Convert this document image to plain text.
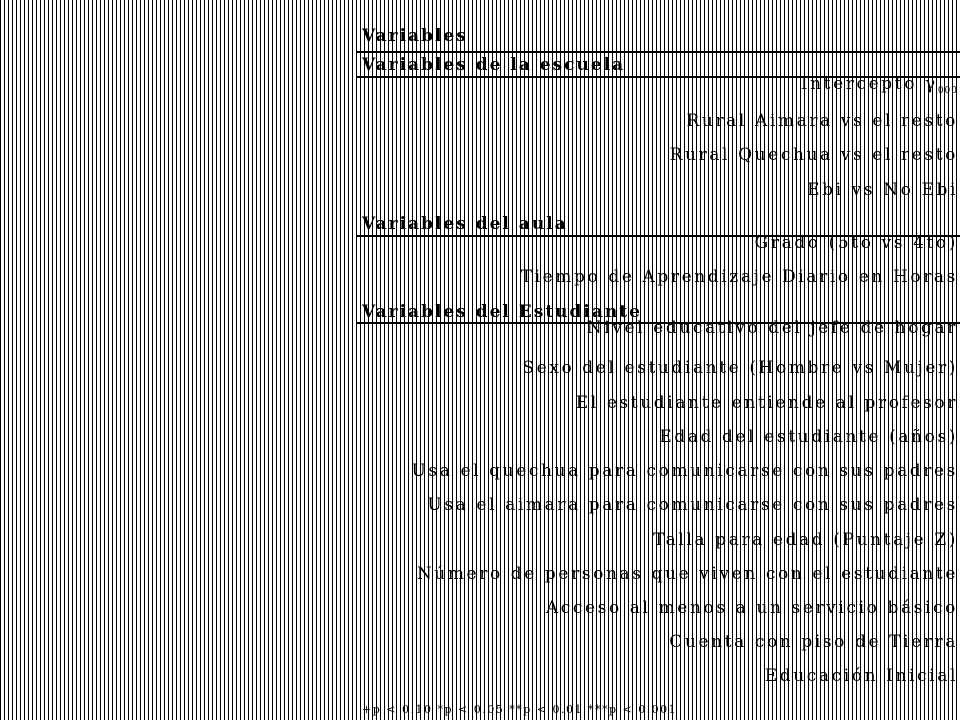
Variables
Variables de la escuela
Intercepto $\gamma_{000}$
Rural Aimara vs el resto
Rural Quechua vs el resto
Ebi vs No Ebi
Variables del aula
Grado (5to vs 4to)
Tiempo de Aprendizaje Diario en Horas
Variables del Estudiante
Nivel educativo del jefe de hogar
Sexo del estudiante (Hombre vs Mujer)
El estudiante entiende al profesor
Edad del estudiante (años)
Usa el quechua para comunicarse con sus padres
Usa el aimara para comunicarse con sus padres
Talla para edad (Puntaje Z)
Número de personas que viven con el estudiante
Acceso al menos a un servicio básico
Cuenta con piso de Tierra
Educación Inicial
+p < 0.10 *p < 0.05 **p < 0.01 ***p < 0.001
